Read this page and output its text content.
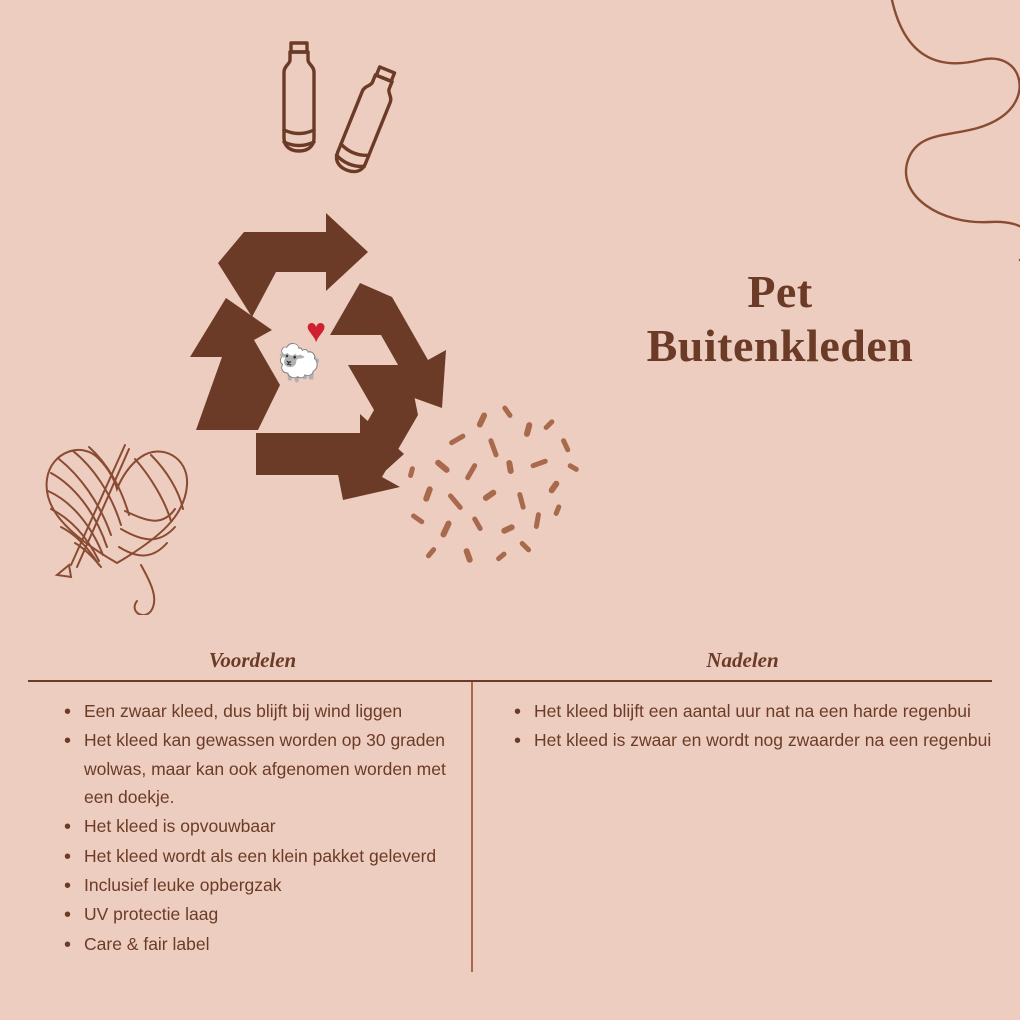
♥
🐑
Pet
Buitenkleden
Voordelen	Nadelen
• Een zwaar kleed, dus blijft bij wind liggen
• Het kleed kan gewassen worden op 30 graden wolwas, maar kan ook afgenomen worden met een doekje.
• Het kleed is opvouwbaar
• Het kleed wordt als een klein pakket geleverd
• Inclusief leuke opbergzak
• UV protectie laag
• Care & fair label
• Het kleed blijft een aantal uur nat na een harde regenbui
• Het kleed is zwaar en wordt nog zwaarder na een regenbui
